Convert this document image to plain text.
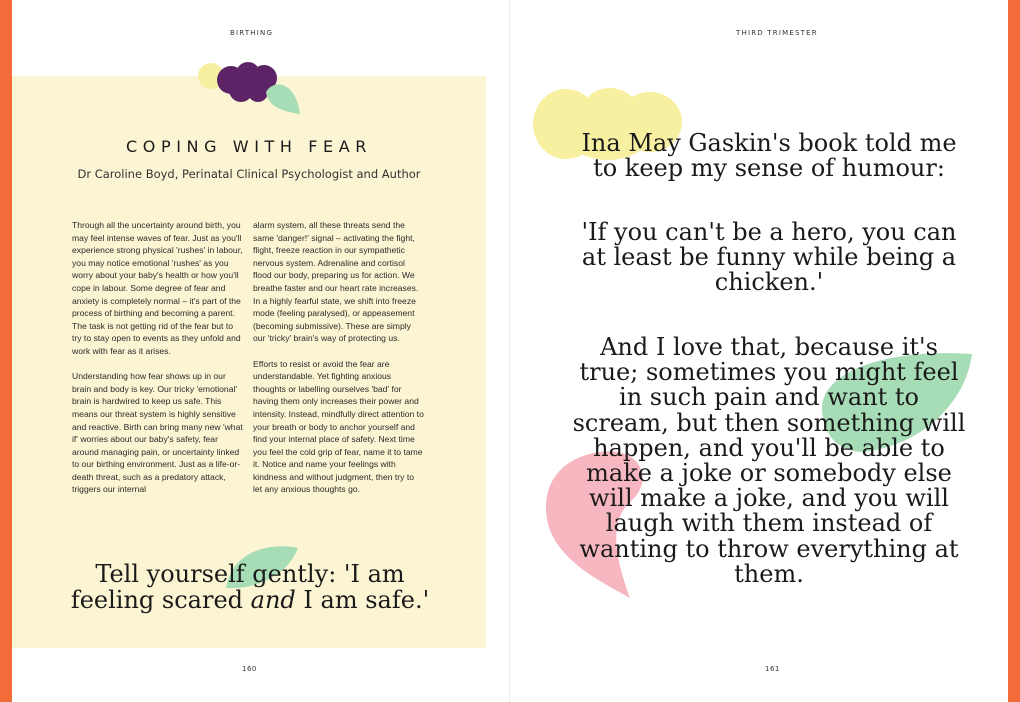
BIRTHING
COPING WITH FEAR
Dr Caroline Boyd, Perinatal Clinical Psychologist and Author

Through all the uncertainty around birth, you may feel intense waves of fear. Just as you'll experience strong physical 'rushes' in labour, you may notice emotional 'rushes' as you worry about your baby's health or how you'll cope in labour. Some degree of fear and anxiety is completely normal – it's part of the process of birthing and becoming a parent. The task is not getting rid of the fear but to try to stay open to events as they unfold and work with fear as it arises.

Understanding how fear shows up in our brain and body is key. Our tricky 'emotional' brain is hardwired to keep us safe. This means our threat system is highly sensitive and reactive. Birth can bring many new 'what if' worries about our baby's safety, fear around managing pain, or uncertainty linked to our birthing environment. Just as a life-or-death threat, such as a predatory attack, triggers our internal

alarm system, all these threats send the same 'danger!' signal – activating the fight, flight, freeze reaction in our sympathetic nervous system. Adrenaline and cortisol flood our body, preparing us for action. We breathe faster and our heart rate increases. In a highly fearful state, we shift into freeze mode (feeling paralysed), or appeasement (becoming submissive). These are simply our 'tricky' brain's way of protecting us.

Efforts to resist or avoid the fear are understandable. Yet fighting anxious thoughts or labelling ourselves 'bad' for having them only increases their power and intensity. Instead, mindfully direct attention to your breath or body to anchor yourself and find your internal place of safety. Next time you feel the cold grip of fear, name it to tame it. Notice and name your feelings with kindness and without judgment, then try to let any anxious thoughts go.

Tell yourself gently: 'I am feeling scared and I am safe.'
160
THIRD TRIMESTER
Ina May Gaskin's book told me to keep my sense of humour:
'If you can't be a hero, you can at least be funny while being a chicken.'
And I love that, because it's true; sometimes you might feel in such pain and want to scream, but then something will happen, and you'll be able to make a joke or somebody else will make a joke, and you will laugh with them instead of wanting to throw everything at them.
161
